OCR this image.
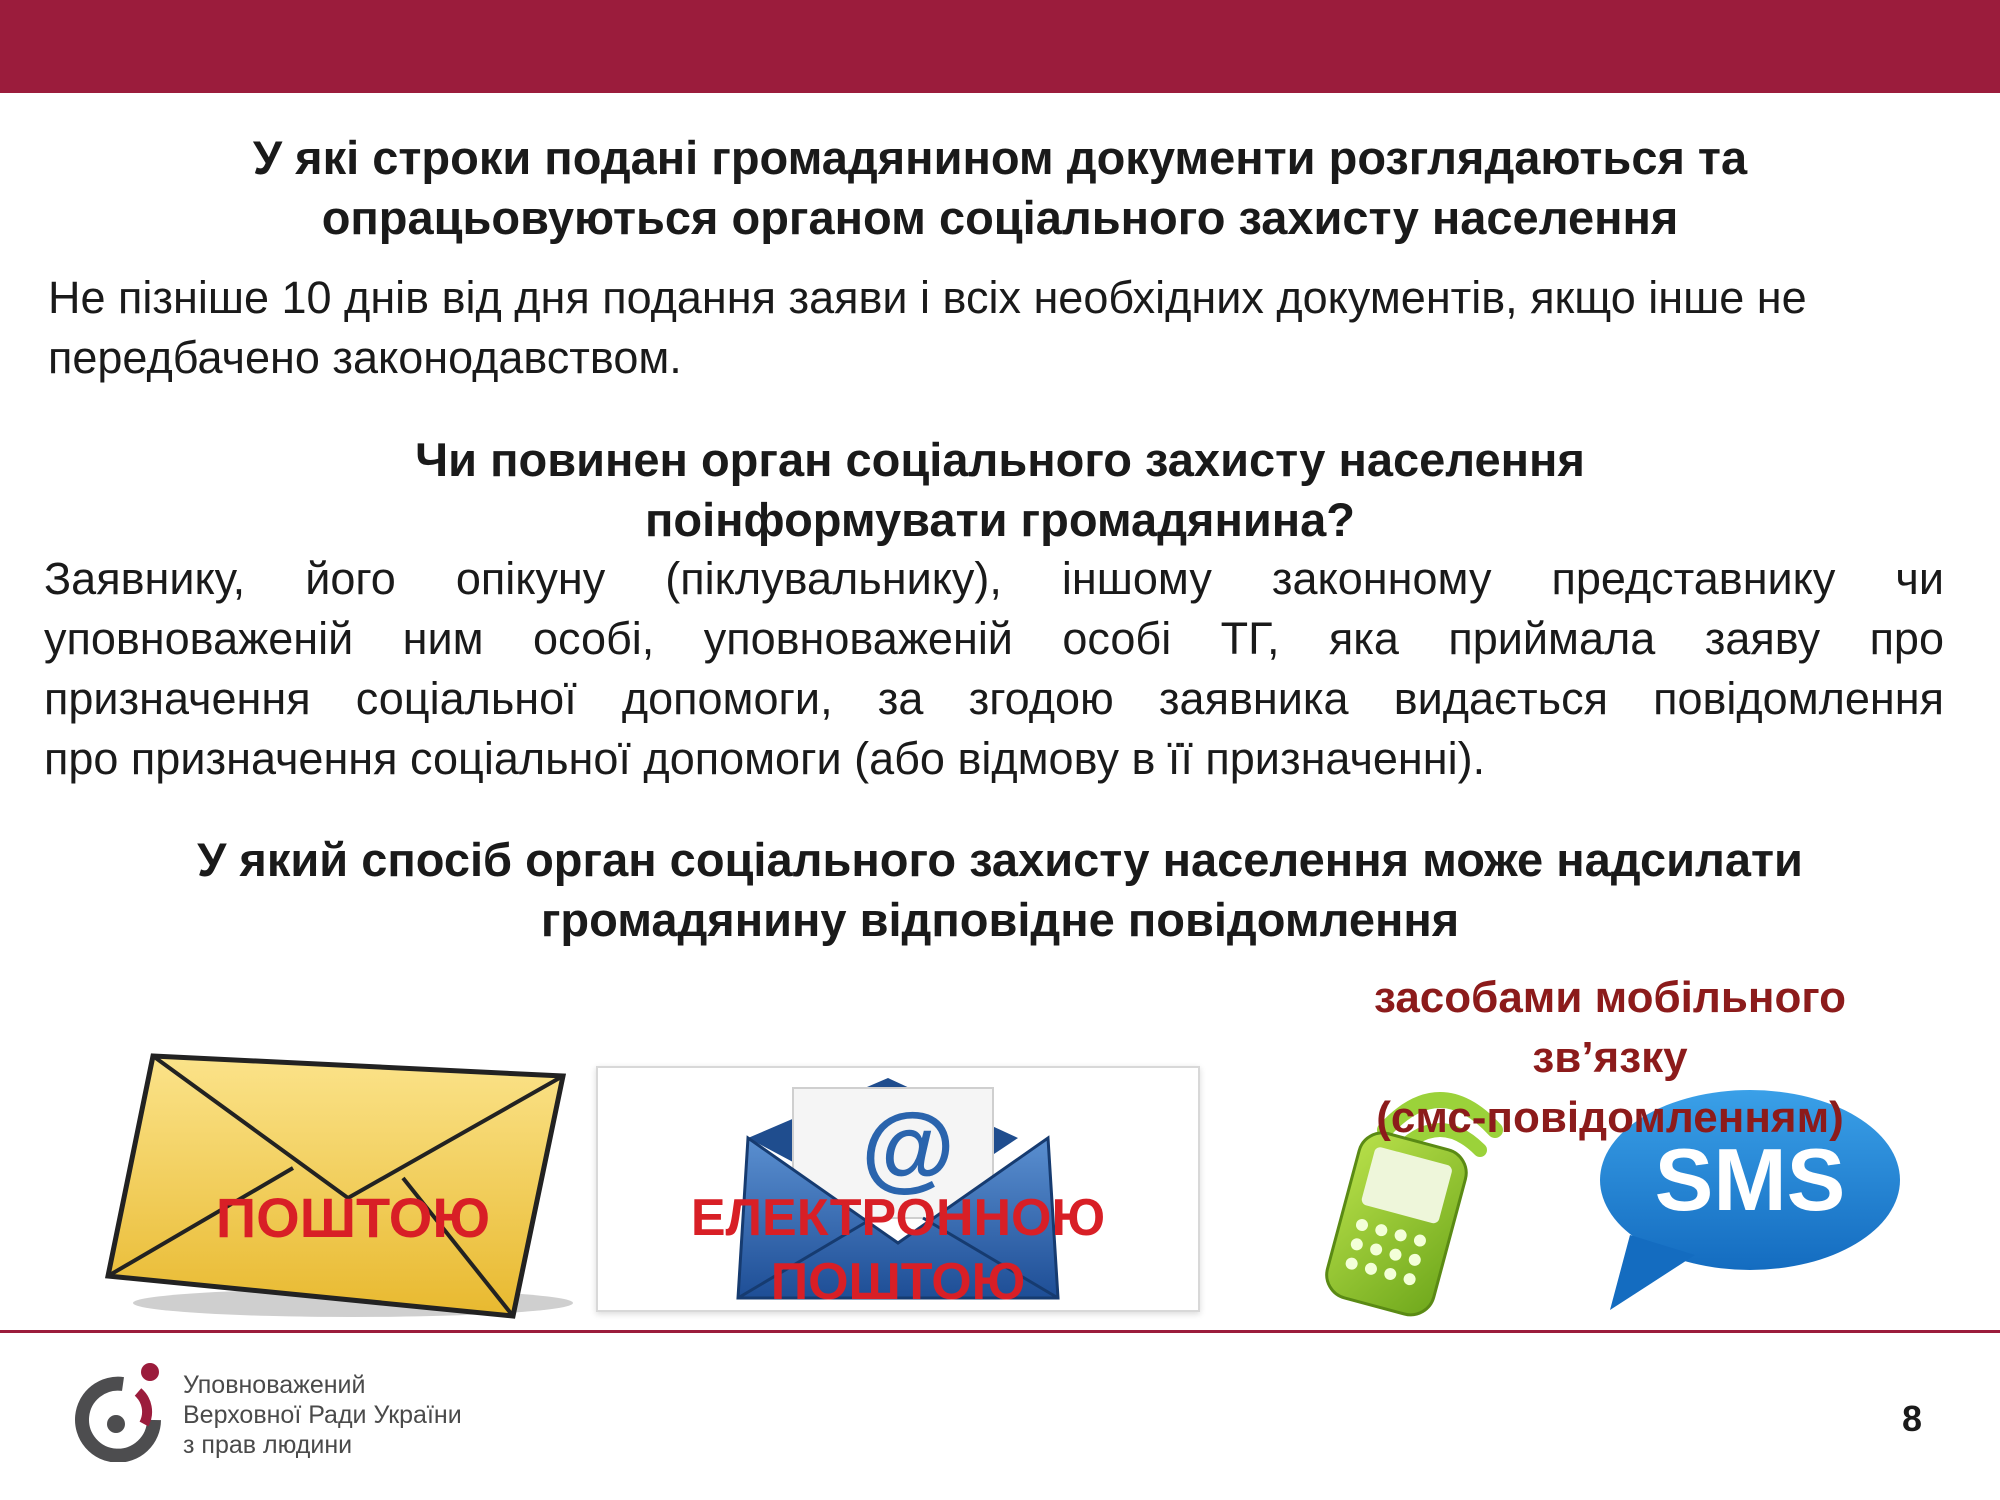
У які строки подані громадянином документи розглядаються та
опрацьовуються органом соціального захисту населення

Не пізніше 10 днів від дня подання заяви і всіх необхідних документів, якщо інше не передбачено законодавством.

Чи повинен орган соціального захисту населення
поінформувати громадянина?

Заявнику, його опікуну (піклувальнику), іншому законному представнику чи
уповноваженій ним особі, уповноваженій особі ТГ, яка приймала заяву про
призначення соціальної допомоги, за згодою заявника видається повідомлення
про призначення соціальної допомоги (або відмову в її призначенні).

У який спосіб орган соціального захисту населення може надсилати
громадянину відповідне повідомлення
ПОШТОЮ
@
ЕЛЕКТРОННОЮ
ПОШТОЮ
SMS
засобами мобільного
зв’язку
(смс-повідомленням)
Уповноважений
Верховної Ради України
з прав людини
8
